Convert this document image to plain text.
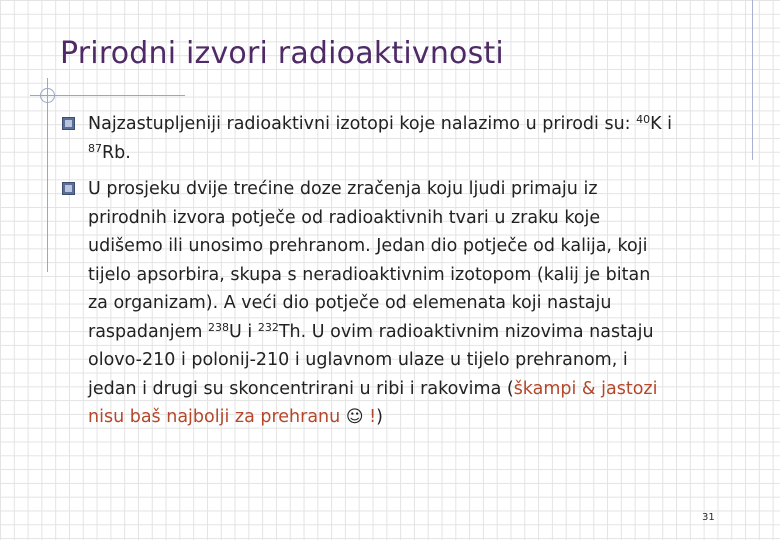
Prirodni izvori radioaktivnosti
Najzastupljeniji radioaktivni izotopi koje nalazimo u prirodi su: $^{40}$K i
$^{87}$Rb.
U prosjeku dvije trećine doze zračenja koju ljudi primaju iz
prirodnih izvora potječe od radioaktivnih tvari u zraku koje
udišemo ili unosimo prehranom. Jedan dio potječe od kalija, koji
tijelo apsorbira, skupa s neradioaktivnim izotopom (kalij je bitan
za organizam). A veći dio potječe od elemenata koji nastaju
raspadanjem $^{238}$U i $^{232}$Th. U ovim radioaktivnim nizovima nastaju
olovo-210 i polonij-210 i uglavnom ulaze u tijelo prehranom, i
jedan i drugi su skoncentrirani u ribi i rakovima (škampi & jastozi
nisu baš najbolji za prehranu ☺ !)
31
